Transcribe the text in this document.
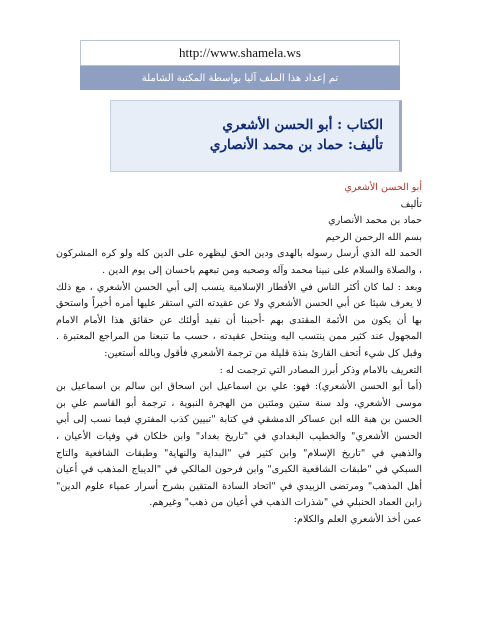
http://www.shamela.ws
تم إعداد هذا الملف آليا بواسطة المكتبة الشاملة
الكتاب : أبو الحسن الأشعري
تأليف: حماد بن محمد الأنصاري

أبو الحسن الأشعري

تأليف

حماد بن محمد الأنصاري

بسم الله الرحمن الرحيم

الحمد لله الذي أرسل رسوله بالهدى ودين الحق ليظهره على الدين كله ولو كره المشركون

، والصلاة والسلام على نبينا محمد وآله وصحبه ومن تبعهم باحسان إلى يوم الدين .

وبعد : لما كان أكثر الناس في الأقطار الإسلامية ينسب إلى أبي الحسن الأشعري ، مع ذلك

لا يعرف شيئا عن أبي الحسن الأشعري ولا عن عقيدته التي استقر عليها أمره أخيراً واستحق

بها أن يكون من الأئمة المقتدى بهم -أحببنا أن نفيد أولئك عن حقائق هذا الأمام الامام

المجهول عند كثير ممن ينتسب اليه وينتحل عقيدته ، حسب ما تنبعنا من المراجع المعتبرة .

وقبل كل شيء أتحف القارئ بنذة قليلة من ترجمة الأشعري فأقول وبالله أستعين:

التعريف بالامام وذكر أبرز المصادر التي ترجمت له :

(أما أبو الحسن الأشعري): فهو: علي بن اسماعيل ابن اسحاق ابن سالم بن اسماعيل بن

موسى الأشعري، ولد سنة ستين ومئتين من الهجرة النبوية ، ترجمة أبو القاسم علي بن

الحسن بن هبة الله ابن عساكر الدمشقي في كتابة "تبيين كذب المفتري فيما نسب إلى أبي

الحسن الأشعري" والخطيب البغدادي في "تاريخ بغداد" وابن خلكان في وفيات الأعيان ،

والذهبي في "تاريخ الإسلام" وابن كثير في "البداية والنهاية" وطبقات الشافعية والتاج

السبكي في "طبقات الشافعية الكبرى" وابن فرحون المالكي في "الديباج المذهب في أعيان

أهل المذهب" ومرتضى الزبيدي في "اتحاد السادة المتقين بشرح أسرار عمياء علوم الدين"

زابن العماد الحنبلي في "شذرات الذهب في أعيان من ذهب" وغيرهم.

عمن أخذ الأشعري العلم والكلام:
